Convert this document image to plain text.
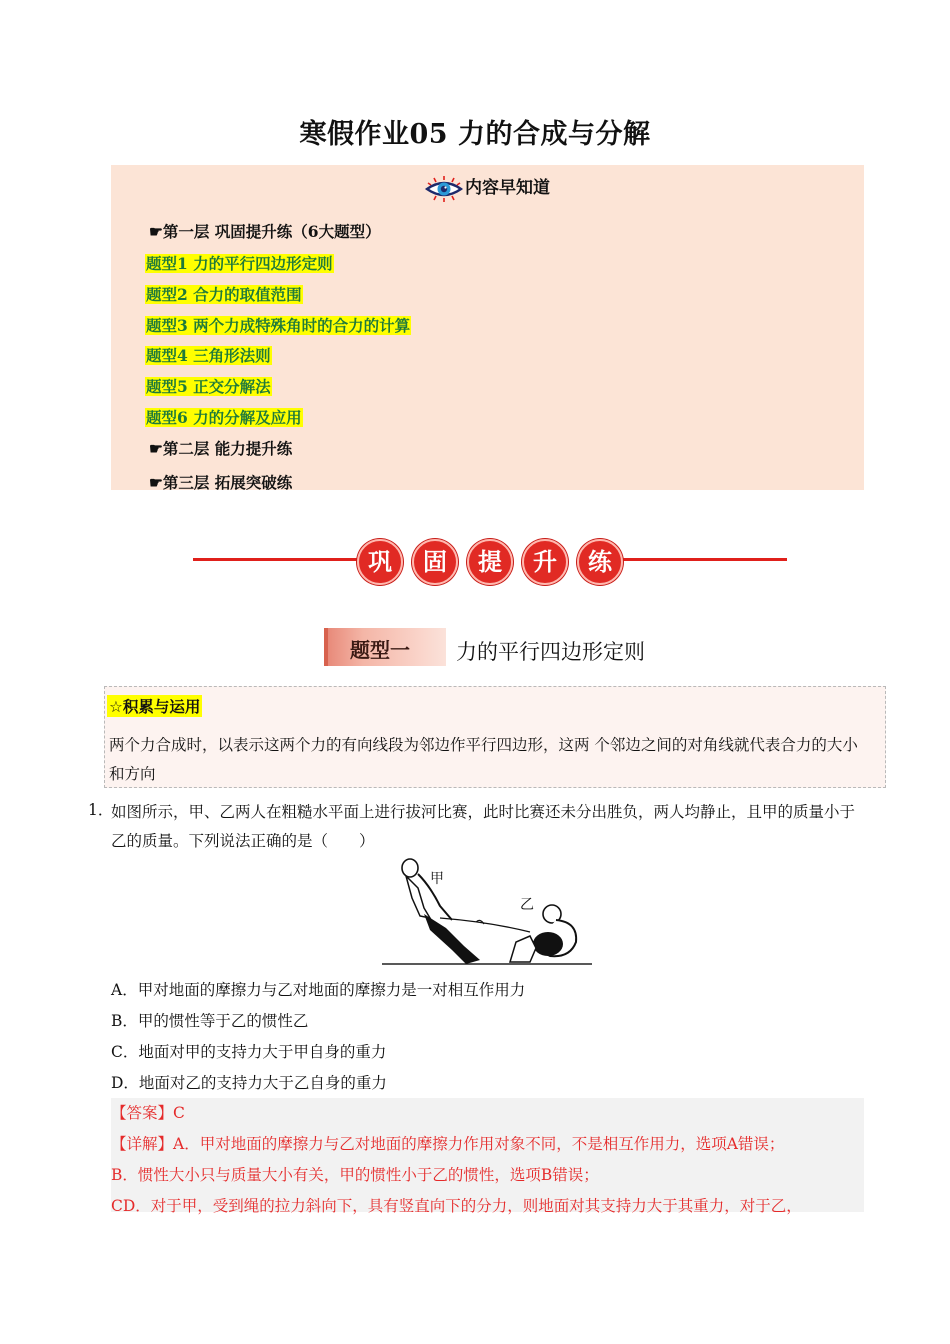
寒假作业05 力的合成与分解
内容早知道
☛第一层 巩固提升练（6大题型）
题型1 力的平行四边形定则
题型2 合力的取值范围
题型3 两个力成特殊角时的合力的计算
题型4 三角形法则
题型5 正交分解法
题型6 力的分解及应用
☛第二层 能力提升练
☛第三层 拓展突破练
巩	固	提	升	练
题型一 力的平行四边形定则
☆积累与运用
两个力合成时，以表示这两个力的有向线段为邻边作平行四边形，这两 个邻边之间的对角线就代表合力的大小和方向
1．
如图所示，甲、乙两人在粗糙水平面上进行拔河比赛，此时比赛还未分出胜负，两人均静止，且甲的质量小于乙的质量。下列说法正确的是（　　）
甲
乙
A．甲对地面的摩擦力与乙对地面的摩擦力是一对相互作用力
B．甲的惯性等于乙的惯性乙
C．地面对甲的支持力大于甲自身的重力
D．地面对乙的支持力大于乙自身的重力
【答案】C
【详解】A．甲对地面的摩擦力与乙对地面的摩擦力作用对象不同，不是相互作用力，选项A错误；
B．惯性大小只与质量大小有关，甲的惯性小于乙的惯性，选项B错误；
CD．对于甲，受到绳的拉力斜向下，具有竖直向下的分力，则地面对其支持力大于其重力，对于乙，
